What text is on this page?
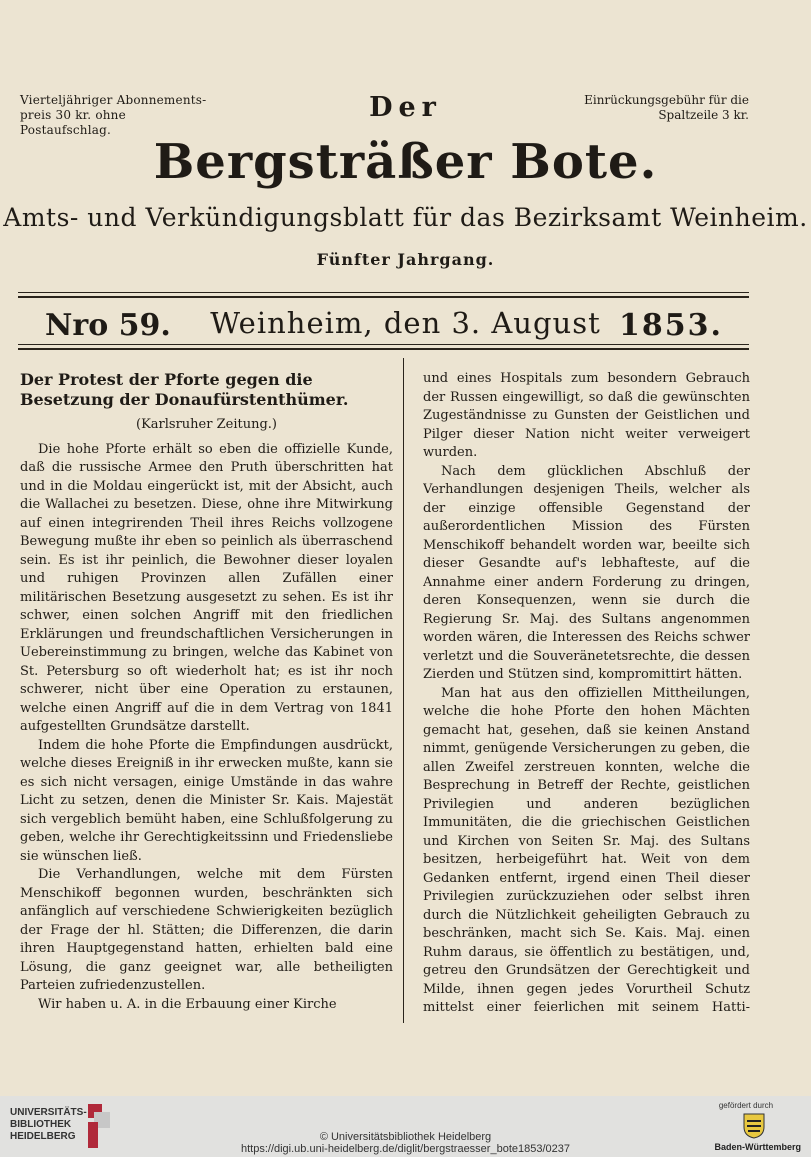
Vierteljähriger Abonnements-
preis 30 kr. ohne Postaufschlag.
Der	Einrückungsgebühr für die
Spaltzeile 3 kr.
Bergsträßer Bote.
Amts- und Verkündigungsblatt für das Bezirksamt Weinheim.
Fünfter Jahrgang.
Nro 59.	Weinheim, den 3. August 1853.

Der Protest der Pforte gegen die

Besetzung der Donaufürstenthümer.

(Karlsruher Zeitung.)

Die hohe Pforte erhält so eben die offizielle Kunde, daß die russische Armee den Pruth überschritten hat und in die Moldau eingerückt ist, mit der Absicht, auch die Wallachei zu besetzen. Diese, ohne ihre Mitwirkung auf einen integrirenden Theil ihres Reichs vollzogene Bewegung mußte ihr eben so peinlich als überraschend sein. Es ist ihr peinlich, die Bewohner dieser loyalen und ruhigen Provinzen allen Zufällen einer militärischen Besetzung ausgesetzt zu sehen. Es ist ihr schwer, einen solchen Angriff mit den friedlichen Erklärungen und freundschaftlichen Versicherungen in Uebereinstimmung zu bringen, welche das Kabinet von St. Petersburg so oft wiederholt hat; es ist ihr noch schwerer, nicht über eine Operation zu erstaunen, welche einen Angriff auf die in dem Vertrag von 1841 aufgestellten Grundsätze darstellt.

Indem die hohe Pforte die Empfindungen ausdrückt, welche dieses Ereigniß in ihr erwecken mußte, kann sie es sich nicht versagen, einige Umstände in das wahre Licht zu setzen, denen die Minister Sr. Kais. Majestät sich vergeblich bemüht haben, eine Schlußfolgerung zu geben, welche ihr Gerechtigkeitssinn und Friedensliebe sie wünschen ließ.

Die Verhandlungen, welche mit dem Fürsten Menschikoff begonnen wurden, beschränkten sich anfänglich auf verschiedene Schwierigkeiten bezüglich der Frage der hl. Stätten; die Differenzen, die darin ihren Hauptgegenstand hatten, erhielten bald eine Lösung, die ganz geeignet war, alle betheiligten Parteien zufriedenzustellen.

Wir haben u. A. in die Erbauung einer Kirche

und eines Hospitals zum besondern Gebrauch der Russen eingewilligt, so daß die gewünschten Zugeständnisse zu Gunsten der Geistlichen und Pilger dieser Nation nicht weiter verweigert wurden.

Nach dem glücklichen Abschluß der Verhandlungen desjenigen Theils, welcher als der einzige offensible Gegenstand der außerordentlichen Mission des Fürsten Menschikoff behandelt worden war, beeilte sich dieser Gesandte auf's lebhafteste, auf die Annahme einer andern Forderung zu dringen, deren Konsequenzen, wenn sie durch die Regierung Sr. Maj. des Sultans angenommen worden wären, die Interessen des Reichs schwer verletzt und die Souveränetetsrechte, die dessen Zierden und Stützen sind, kompromittirt hätten.

Man hat aus den offiziellen Mittheilungen, welche die hohe Pforte den hohen Mächten gemacht hat, gesehen, daß sie keinen Anstand nimmt, genügende Versicherungen zu geben, die allen Zweifel zerstreuen konnten, welche die Besprechung in Betreff der Rechte, geistlichen Privilegien und anderen bezüglichen Immunitäten, die die griechischen Geistlichen und Kirchen von Seiten Sr. Maj. des Sultans besitzen, herbeigeführt hat. Weit von dem Gedanken entfernt, irgend einen Theil dieser Privilegien zurückzuziehen oder selbst ihren durch die Nützlichkeit geheiligten Gebrauch zu beschränken, macht sich Se. Kais. Maj. einen Ruhm daraus, sie öffentlich zu bestätigen, und, getreu den Grundsätzen der Gerechtigkeit und Milde, ihnen gegen jedes Vorurtheil Schutz mittelst einer feierlichen mit seinem Hatti-

UNIVERSITÄTS-
BIBLIOTHEK
HEIDELBERG	© Universitätsbibliothek Heidelberg
https://digi.ub.uni-heidelberg.de/diglit/bergstraesser_bote1853/0237
gefördert durch
Baden-Württemberg
